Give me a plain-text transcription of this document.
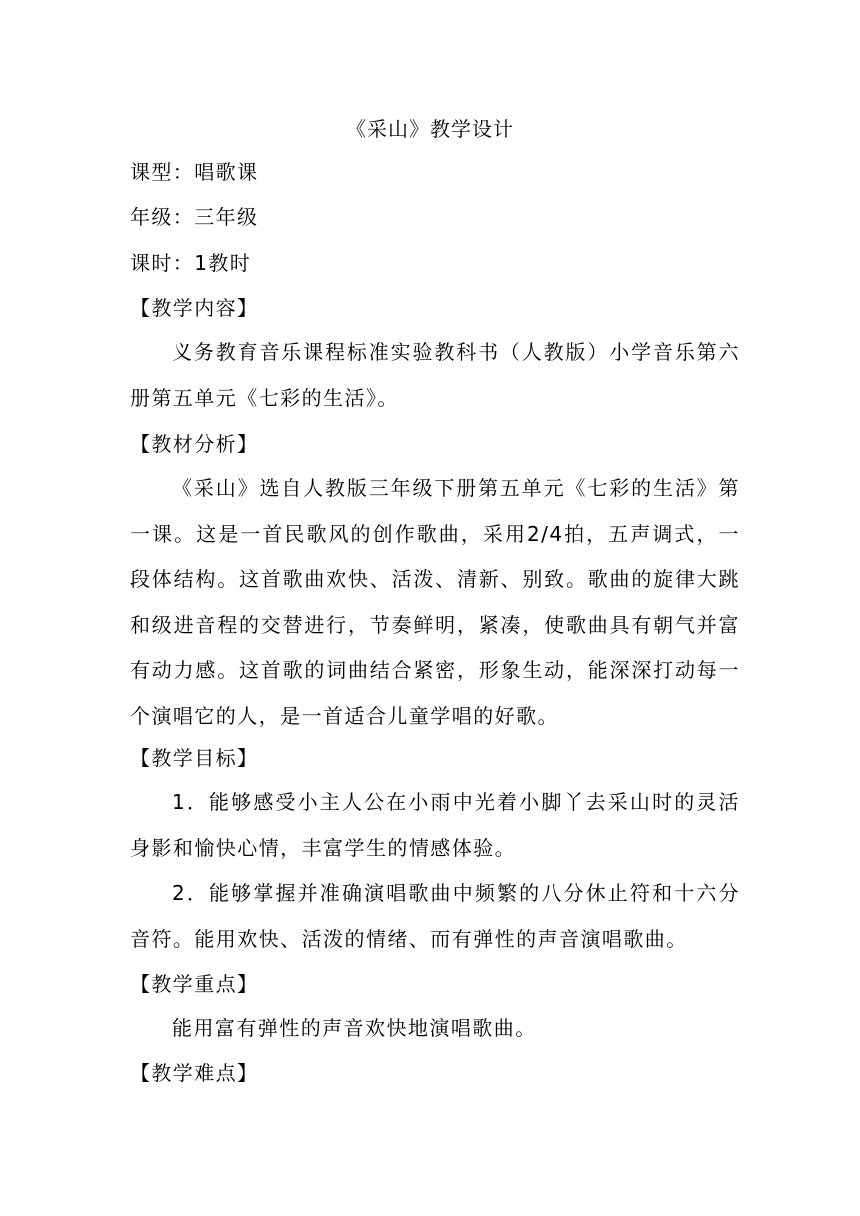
《采山》教学设计
课型：唱歌课
年级：三年级
课时：1教时
【教学内容】
义务教育音乐课程标准实验教科书（人教版）小学音乐第六册第五单元《七彩的生活》。
【教材分析】
《采山》选自人教版三年级下册第五单元《七彩的生活》第一课。这是一首民歌风的创作歌曲，采用2/4拍，五声调式，一段体结构。这首歌曲欢快、活泼、清新、别致。歌曲的旋律大跳和级进音程的交替进行，节奏鲜明，紧凑，使歌曲具有朝气并富有动力感。这首歌的词曲结合紧密，形象生动，能深深打动每一个演唱它的人，是一首适合儿童学唱的好歌。
【教学目标】
1．能够感受小主人公在小雨中光着小脚丫去采山时的灵活身影和愉快心情，丰富学生的情感体验。
2．能够掌握并准确演唱歌曲中频繁的八分休止符和十六分音符。能用欢快、活泼的情绪、而有弹性的声音演唱歌曲。
【教学重点】
能用富有弹性的声音欢快地演唱歌曲。
【教学难点】
